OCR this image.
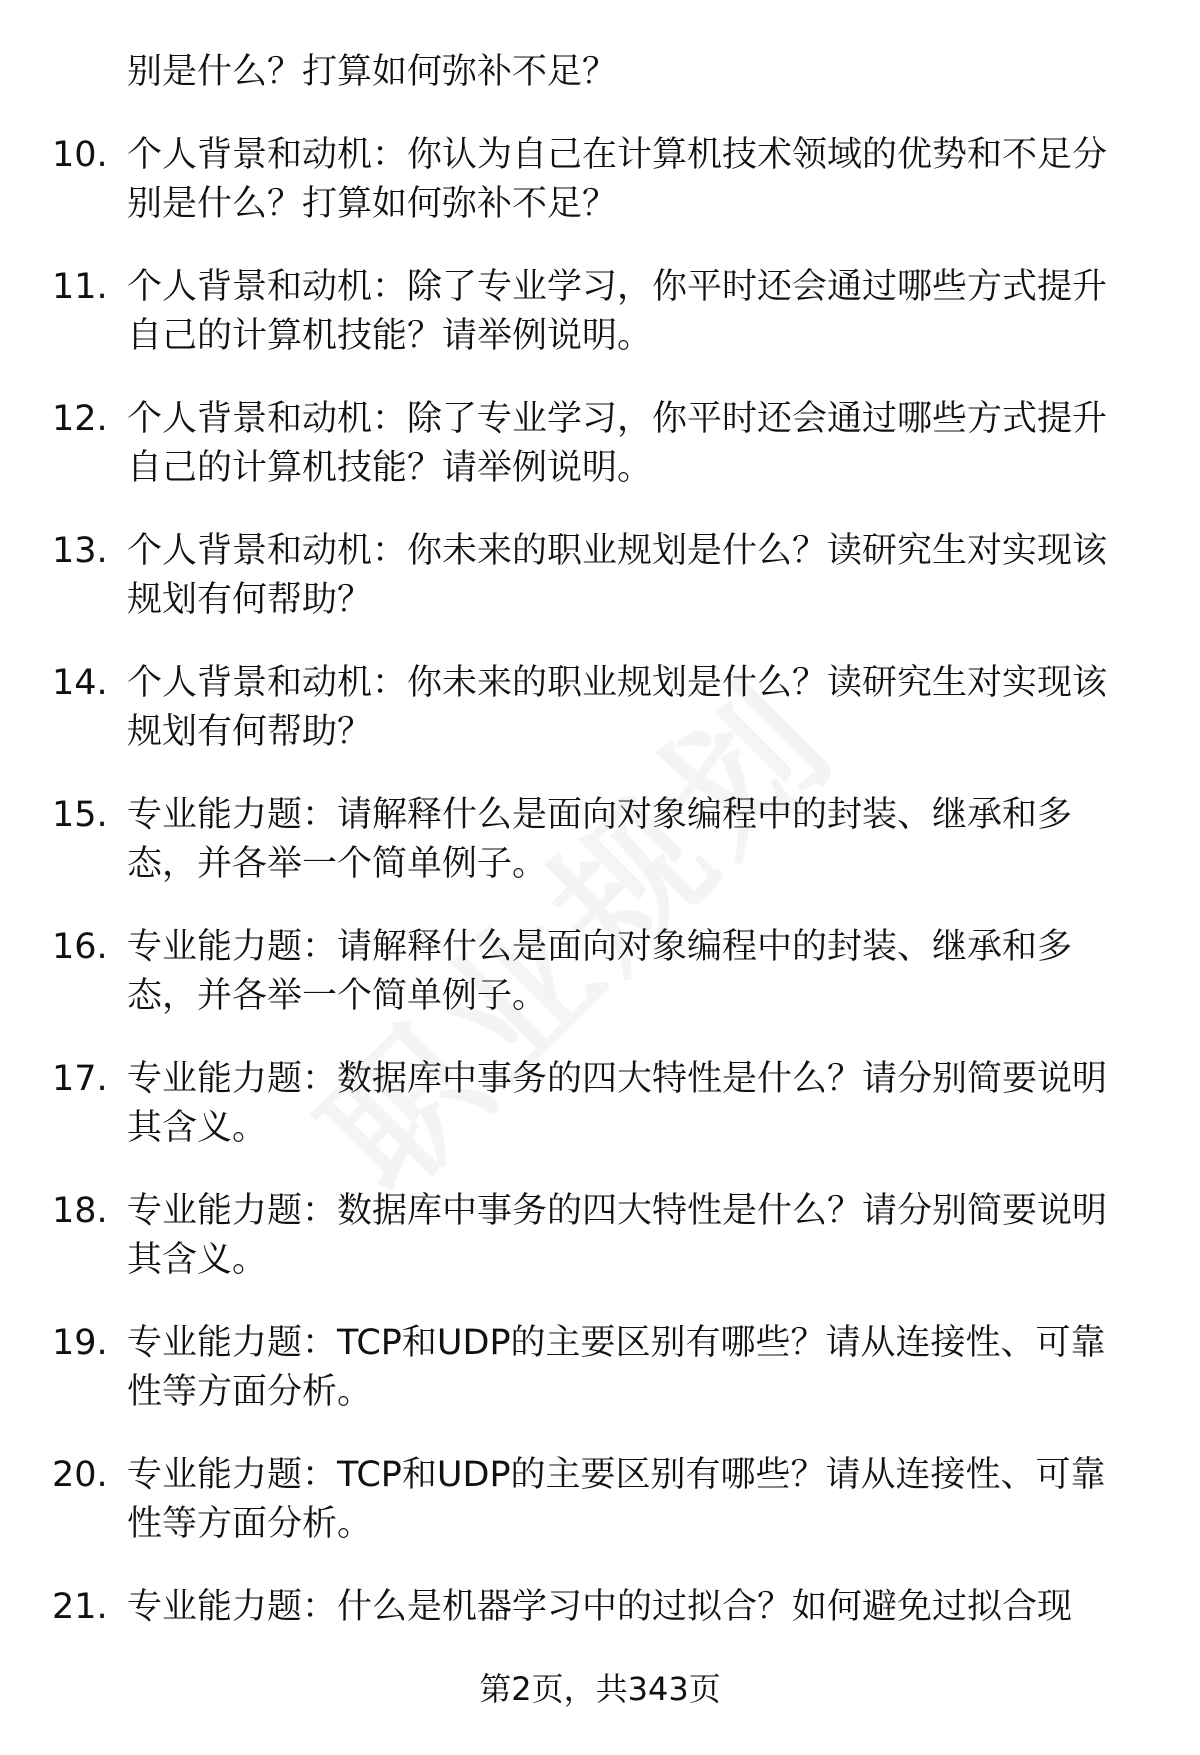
别是什么？打算如何弥补不足？
10. 个人背景和动机：你认为自己在计算机技术领域的优势和不足分
别是什么？打算如何弥补不足？
11. 个人背景和动机：除了专业学习，你平时还会通过哪些方式提升
自己的计算机技能？请举例说明。
12. 个人背景和动机：除了专业学习，你平时还会通过哪些方式提升
自己的计算机技能？请举例说明。
13. 个人背景和动机：你未来的职业规划是什么？读研究生对实现该
规划有何帮助？
14. 个人背景和动机：你未来的职业规划是什么？读研究生对实现该
规划有何帮助？
15. 专业能力题：请解释什么是面向对象编程中的封装、继承和多
态，并各举一个简单例子。
16. 专业能力题：请解释什么是面向对象编程中的封装、继承和多
态，并各举一个简单例子。
17. 专业能力题：数据库中事务的四大特性是什么？请分别简要说明
其含义。
18. 专业能力题：数据库中事务的四大特性是什么？请分别简要说明
其含义。
19. 专业能力题：TCP和UDP的主要区别有哪些？请从连接性、可靠
性等方面分析。
20. 专业能力题：TCP和UDP的主要区别有哪些？请从连接性、可靠
性等方面分析。
21. 专业能力题：什么是机器学习中的过拟合？如何避免过拟合现
第2页，共343页
